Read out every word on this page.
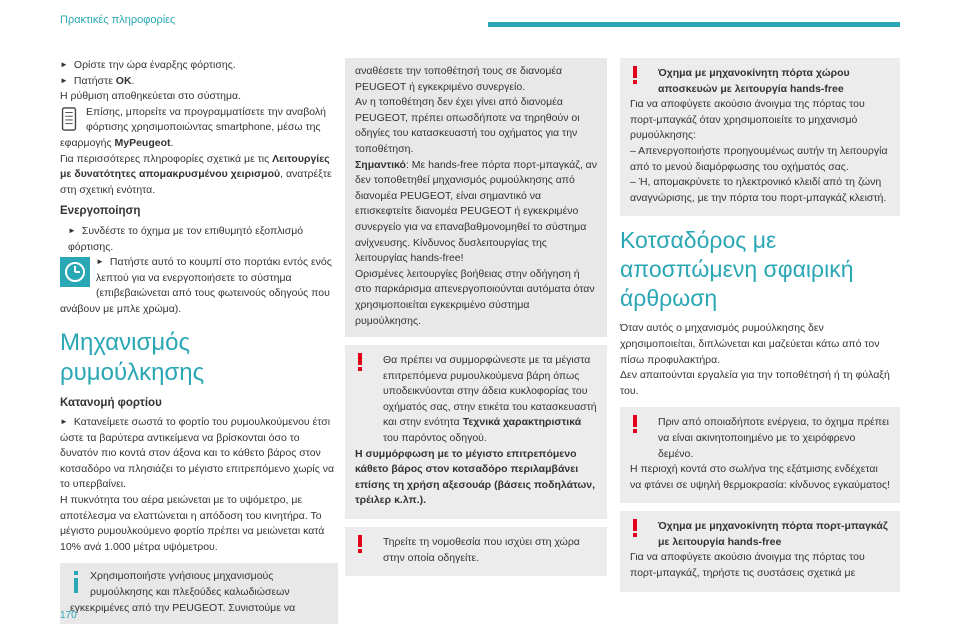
Πρακτικές πληροφορίες
► Ορίστε την ώρα έναρξης φόρτισης.
► Πατήστε OK.
Η ρύθμιση αποθηκεύεται στο σύστημα.
Επίσης, μπορείτε να προγραμματίσετε την αναβολή φόρτισης χρησιμοποιώντας smartphone, μέσω της εφαρμογής MyPeugeot.
Για περισσότερες πληροφορίες σχετικά με τις Λειτουργίες με δυνατότητες απομακρυσμένου χειρισμού, ανατρέξτε στη σχετική ενότητα.
Ενεργοποίηση
► Συνδέστε το όχημα με τον επιθυμητό εξοπλισμό φόρτισης.
► Πατήστε αυτό το κουμπί στο πορτάκι εντός ενός λεπτού για να ενεργοποιήσετε το σύστημα (επιβεβαιώνεται από τους φωτεινούς οδηγούς που ανάβουν με μπλε χρώμα).
Μηχανισμός ρυμούλκησης
Κατανομή φορτίου
► Κατανείμετε σωστά το φορτίο του ρυμουλκούμενου έτσι ώστε τα βαρύτερα αντικείμενα να βρίσκονται όσο το δυνατόν πιο κοντά στον άξονα και το κάθετο βάρος στον κοτσαδόρο να πλησιάζει το μέγιστο επιτρεπόμενο χωρίς να το υπερβαίνει.
Η πυκνότητα του αέρα μειώνεται με το υψόμετρο, με αποτέλεσμα να ελαττώνεται η απόδοση του κινητήρα. Το μέγιστο ρυμουλκούμενο φορτίο πρέπει να μειώνεται κατά 10% ανά 1.000 μέτρα υψόμετρου.
Χρησιμοποιήστε γνήσιους μηχανισμούς ρυμούλκησης και πλεξούδες καλωδιώσεων εγκεκριμένες από την PEUGEOT. Συνιστούμε να
αναθέσετε την τοποθέτησή τους σε διανομέα PEUGEOT ή εγκεκριμένο συνεργείο.
Αν η τοποθέτηση δεν έχει γίνει από διανομέα PEUGEOT, πρέπει οπωσδήποτε να τηρηθούν οι οδηγίες του κατασκευαστή του οχήματος για την τοποθέτηση.
Σημαντικό: Με hands-free πόρτα πορτ-μπαγκάζ, αν δεν τοποθετηθεί μηχανισμός ρυμούλκησης από διανομέα PEUGEOT, είναι σημαντικό να επισκεφτείτε διανομέα PEUGEOT ή εγκεκριμένο συνεργείο για να επαναβαθμονομηθεί το σύστημα ανίχνευσης. Κίνδυνος δυσλειτουργίας της λειτουργίας hands-free!
Ορισμένες λειτουργίες βοήθειας στην οδήγηση ή στο παρκάρισμα απενεργοποιούνται αυτόματα όταν χρησιμοποιείται εγκεκριμένο σύστημα ρυμούλκησης.
Θα πρέπει να συμμορφώνεστε με τα μέγιστα επιτρεπόμενα ρυμουλκούμενα βάρη όπως υποδεικνύονται στην άδεια κυκλοφορίας του οχήματός σας, στην ετικέτα του κατασκευαστή και στην ενότητα Τεχνικά χαρακτηριστικά του παρόντος οδηγού.
Η συμμόρφωση με το μέγιστο επιτρεπόμενο κάθετο βάρος στον κοτσαδόρο περιλαμβάνει επίσης τη χρήση αξεσουάρ (βάσεις ποδηλάτων, τρέιλερ κ.λπ.).
Τηρείτε τη νομοθεσία που ισχύει στη χώρα στην οποία οδηγείτε.
Όχημα με μηχανοκίνητη πόρτα χώρου αποσκευών με λειτουργία hands-free
Για να αποφύγετε ακούσιο άνοιγμα της πόρτας του πορτ-μπαγκάζ όταν χρησιμοποιείτε το μηχανισμό ρυμούλκησης:
– Απενεργοποιήστε προηγουμένως αυτήν τη λειτουργία από το μενού διαμόρφωσης του οχήματός σας.
– Ή, απομακρύνετε το ηλεκτρονικό κλειδί από τη ζώνη αναγνώρισης, με την πόρτα του πορτ-μπαγκάζ κλειστή.
Κοτσαδόρος με αποσπώμενη σφαιρική άρθρωση
Όταν αυτός ο μηχανισμός ρυμούλκησης δεν χρησιμοποιείται, διπλώνεται και μαζεύεται κάτω από τον πίσω προφυλακτήρα.
Δεν απαιτούνται εργαλεία για την τοποθέτησή ή τη φύλαξή του.
Πριν από οποιαδήποτε ενέργεια, το όχημα πρέπει να είναι ακινητοποιημένο με το χειρόφρενο δεμένο.
Η περιοχή κοντά στο σωλήνα της εξάτμισης ενδέχεται να φτάνει σε υψηλή θερμοκρασία: κίνδυνος εγκαύματος!
Όχημα με μηχανοκίνητη πόρτα πορτ-μπαγκάζ με λειτουργία hands-free
Για να αποφύγετε ακούσιο άνοιγμα της πόρτας του πορτ-μπαγκάζ, τηρήστε τις συστάσεις σχετικά με
170
